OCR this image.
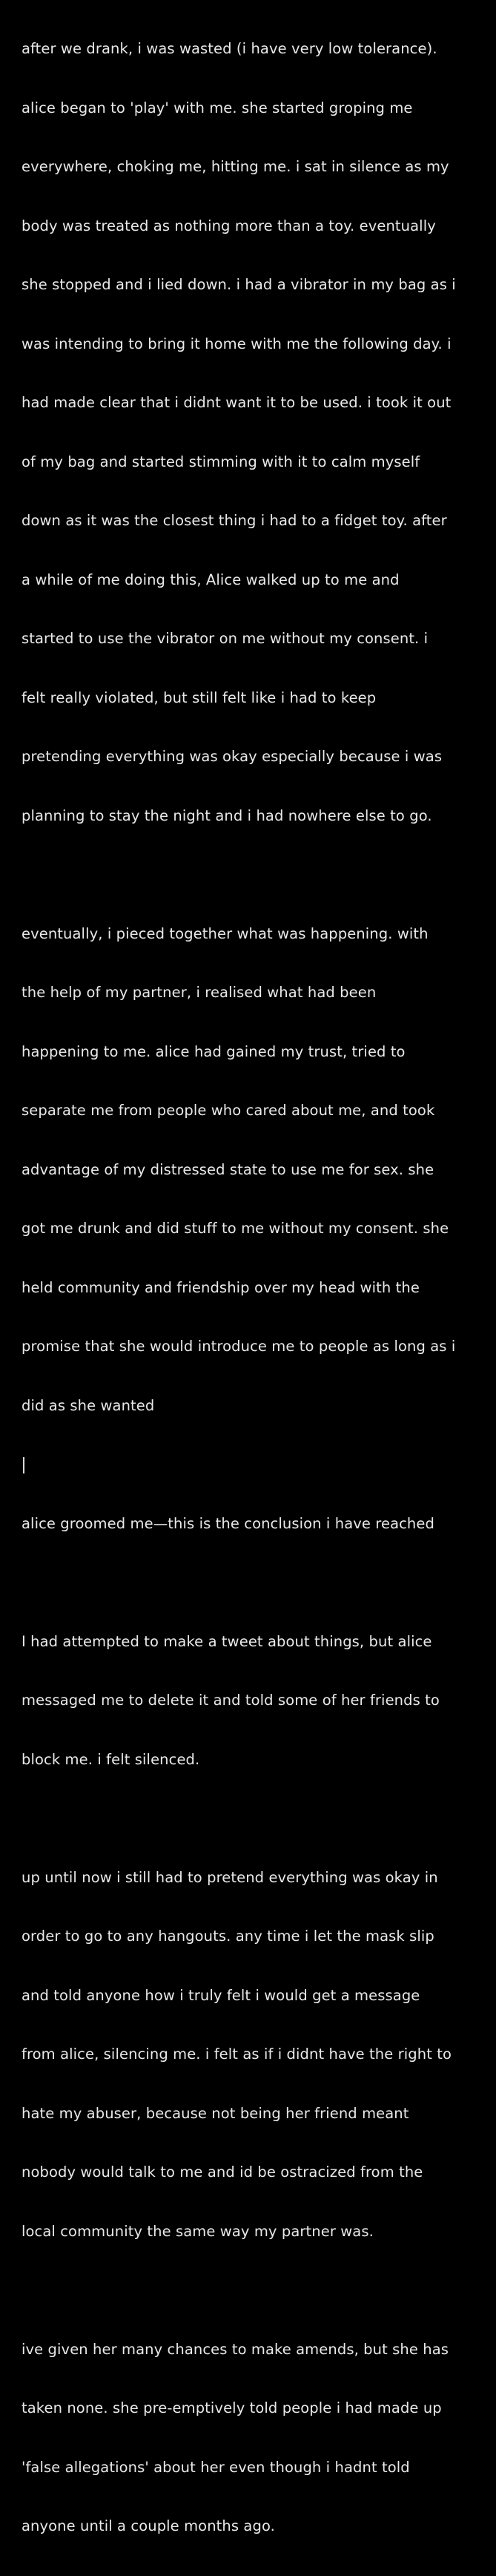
after we drank, i was wasted (i have very low tolerance).

alice began to 'play' with me. she started groping me

everywhere, choking me, hitting me. i sat in silence as my

body was treated as nothing more than a toy. eventually

she stopped and i lied down. i had a vibrator in my bag as i

was intending to bring it home with me the following day. i

had made clear that i didnt want it to be used. i took it out

of my bag and started stimming with it to calm myself

down as it was the closest thing i had to a fidget toy. after

a while of me doing this, Alice walked up to me and

started to use the vibrator on me without my consent. i

felt really violated, but still felt like i had to keep

pretending everything was okay especially because i was

planning to stay the night and i had nowhere else to go.

eventually, i pieced together what was happening. with

the help of my partner, i realised what had been

happening to me. alice had gained my trust, tried to

separate me from people who cared about me, and took

advantage of my distressed state to use me for sex. she

got me drunk and did stuff to me without my consent. she

held community and friendship over my head with the

promise that she would introduce me to people as long as i

did as she wanted

alice groomed me—this is the conclusion i have reached

I had attempted to make a tweet about things, but alice

messaged me to delete it and told some of her friends to

block me. i felt silenced.

up until now i still had to pretend everything was okay in

order to go to any hangouts. any time i let the mask slip

and told anyone how i truly felt i would get a message

from alice, silencing me. i felt as if i didnt have the right to

hate my abuser, because not being her friend meant

nobody would talk to me and id be ostracized from the

local community the same way my partner was.

ive given her many chances to make amends, but she has

taken none. she pre-emptively told people i had made up

'false allegations' about her even though i hadnt told

anyone until a couple months ago.
